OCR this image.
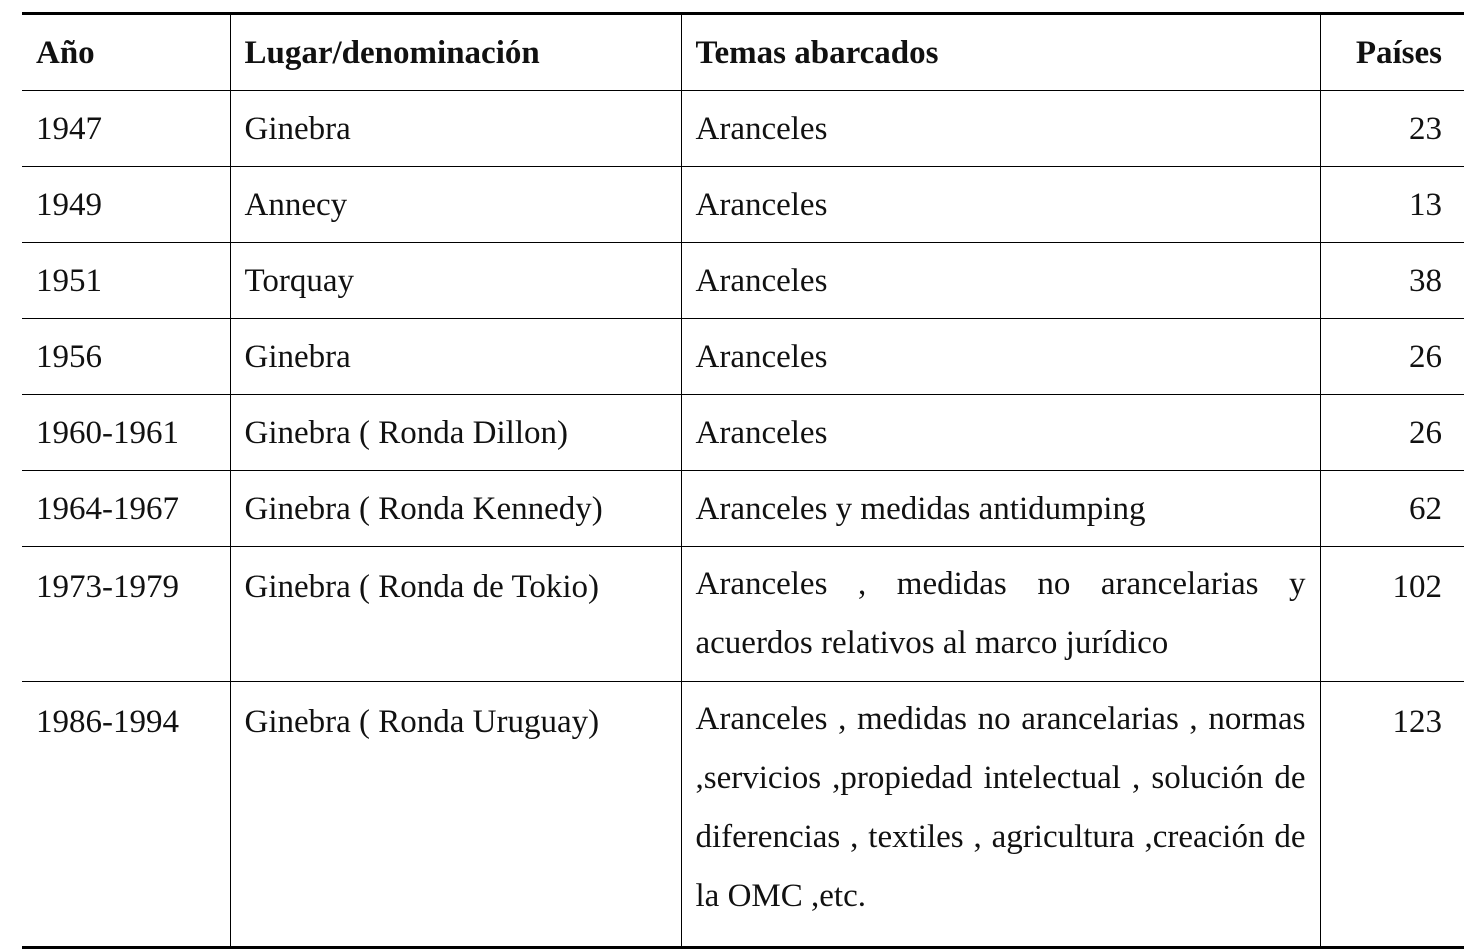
Año	Lugar/denominación	Temas abarcados	Países
1947	Ginebra	Aranceles	23
1949	Annecy	Aranceles	13
1951	Torquay	Aranceles	38
1956	Ginebra	Aranceles	26
1960-1961	Ginebra ( Ronda Dillon)	Aranceles	26
1964-1967	Ginebra ( Ronda Kennedy)	Aranceles y medidas antidumping	62
1973-1979	Ginebra ( Ronda de Tokio)	Aranceles , medidas no arancelarias y acuerdos relativos al marco jurídico	102
1986-1994	Ginebra ( Ronda Uruguay)	Aranceles , medidas no arancelarias , normas ,servicios ,propiedad intelectual , solución de diferencias , textiles , agricultura ,creación de la OMC ,etc.	123
